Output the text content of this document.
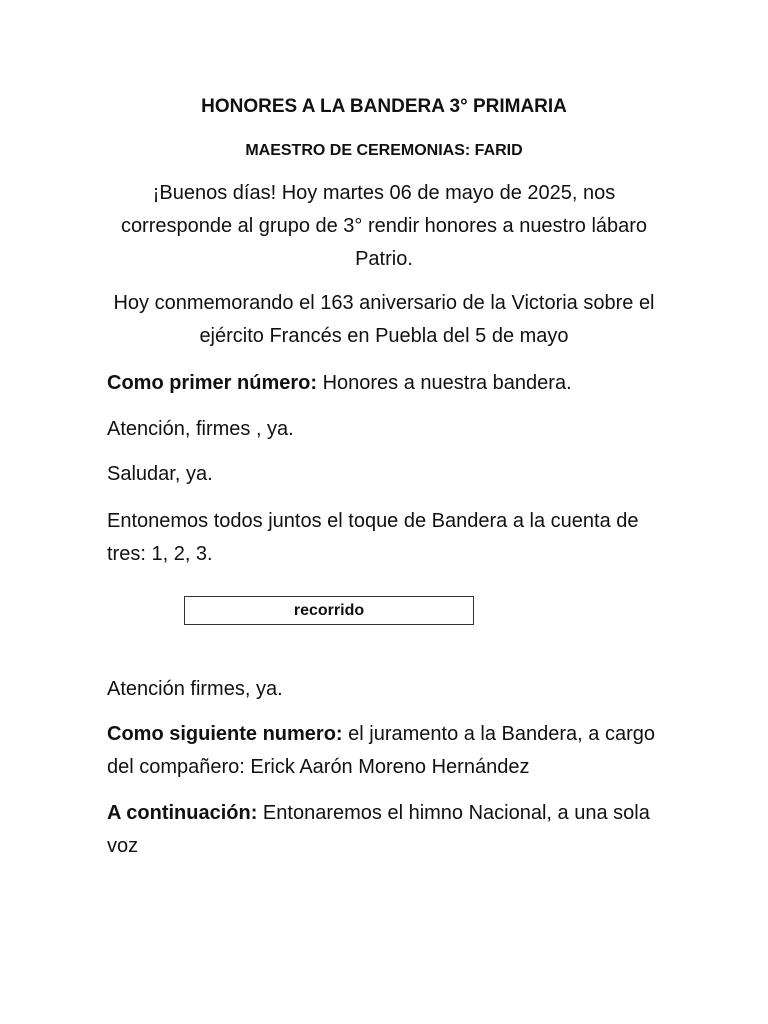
HONORES A LA BANDERA 3° PRIMARIA
MAESTRO DE CEREMONIAS: FARID
¡Buenos días! Hoy martes 06 de mayo de 2025, nos corresponde al grupo de 3° rendir honores a nuestro lábaro Patrio.
Hoy conmemorando el 163 aniversario de la Victoria sobre el ejército Francés en Puebla del 5 de mayo
Como primer número: Honores a nuestra bandera.
Atención, firmes , ya.
Saludar, ya.
Entonemos todos juntos el toque de Bandera a la cuenta de tres: 1, 2, 3.
recorrido
Atención firmes, ya.
Como siguiente numero: el juramento a la Bandera, a cargo del compañero: Erick Aarón Moreno Hernández
A continuación: Entonaremos el himno Nacional, a una sola voz
